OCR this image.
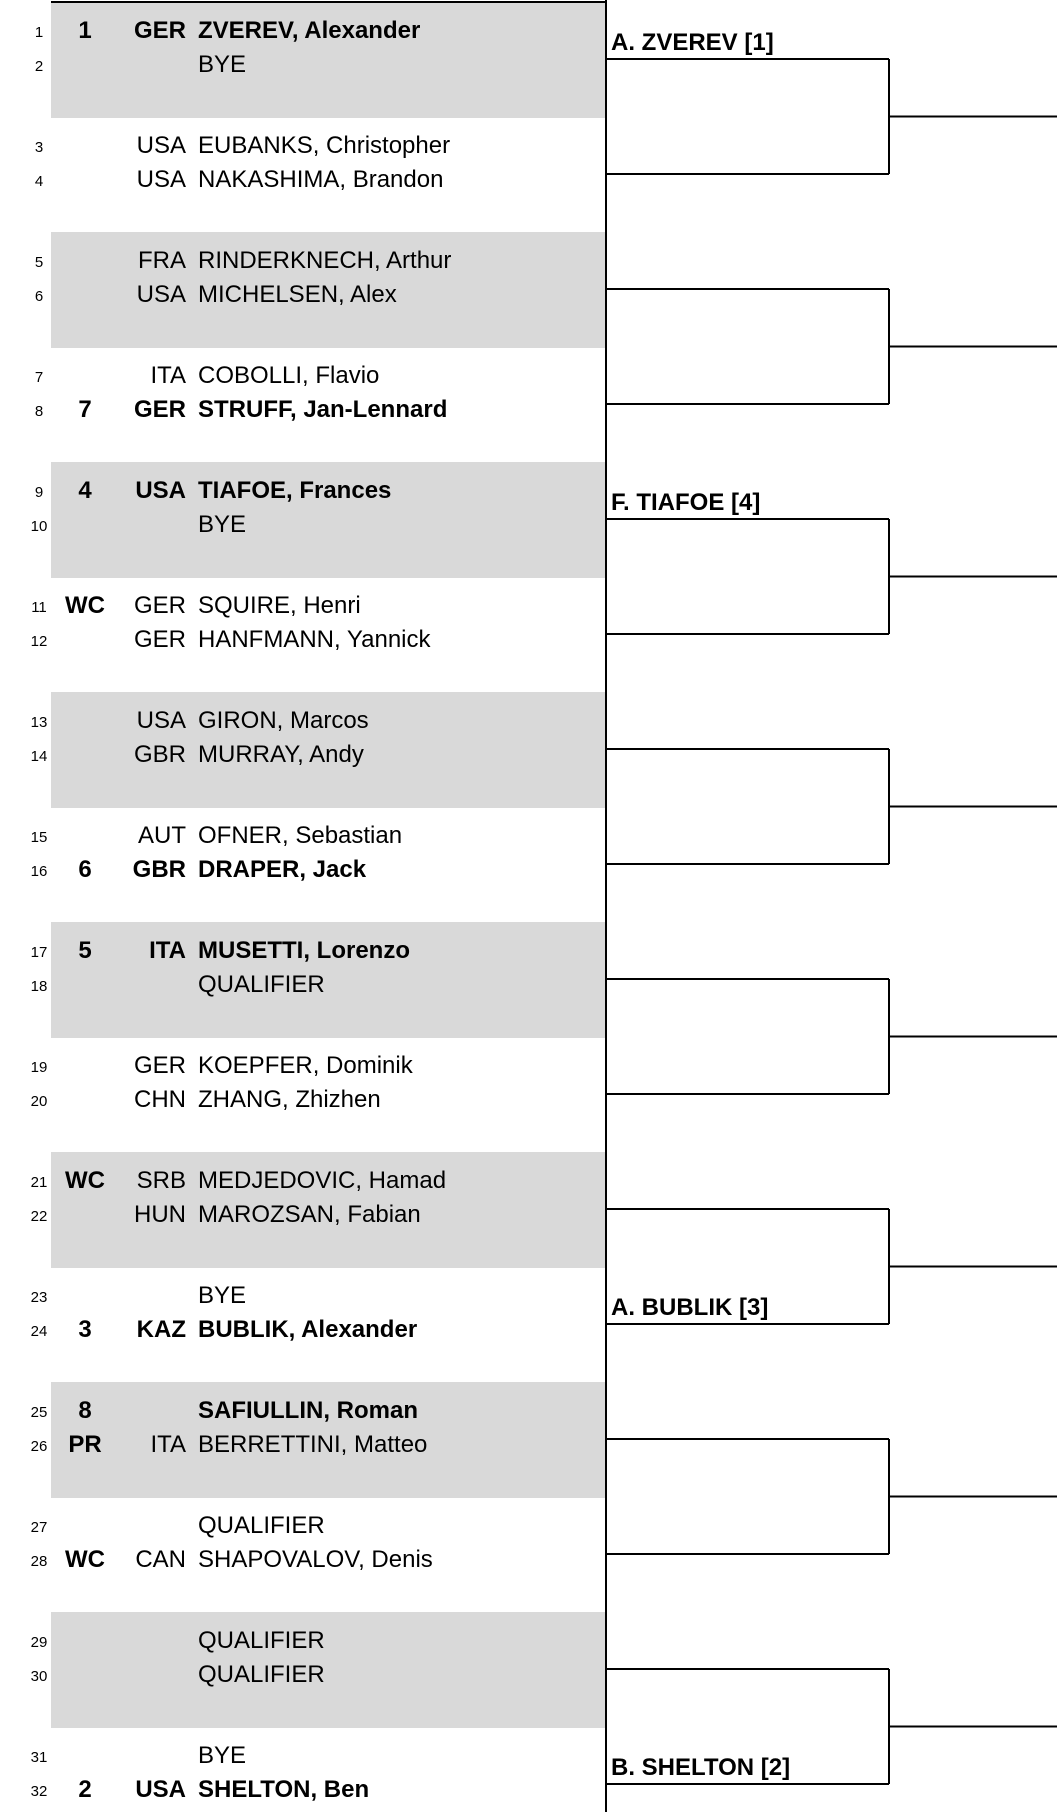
1	1	GER ZVEREV, Alexander
2	BYE
3	USA EUBANKS, Christopher
4	USA NAKASHIMA, Brandon
5	FRA RINDERKNECH, Arthur
6	USA MICHELSEN, Alex
7	ITA COBOLLI, Flavio
8	7	GER STRUFF, Jan-Lennard
9	4	USA TIAFOE, Frances
10	BYE
11 WC	GER SQUIRE, Henri
12	GER HANFMANN, Yannick
13	USA GIRON, Marcos
14	GBR MURRAY, Andy
15	AUT OFNER, Sebastian
16	6	GBR DRAPER, Jack
17	5	ITA MUSETTI, Lorenzo
18	QUALIFIER
19	GER KOEPFER, Dominik
20	CHN ZHANG, Zhizhen
21 WC	SRB MEDJEDOVIC, Hamad
22	HUN MAROZSAN, Fabian
23	BYE
24	3	KAZ BUBLIK, Alexander
25	8	SAFIULLIN, Roman
26 PR	ITA BERRETTINI, Matteo
27	QUALIFIER
28 WC	CAN SHAPOVALOV, Denis
29	QUALIFIER
30	QUALIFIER
31	BYE
32	2	USA SHELTON, Ben
A. ZVEREV [1]
F. TIAFOE [4]
A. BUBLIK [3]
B. SHELTON [2]
